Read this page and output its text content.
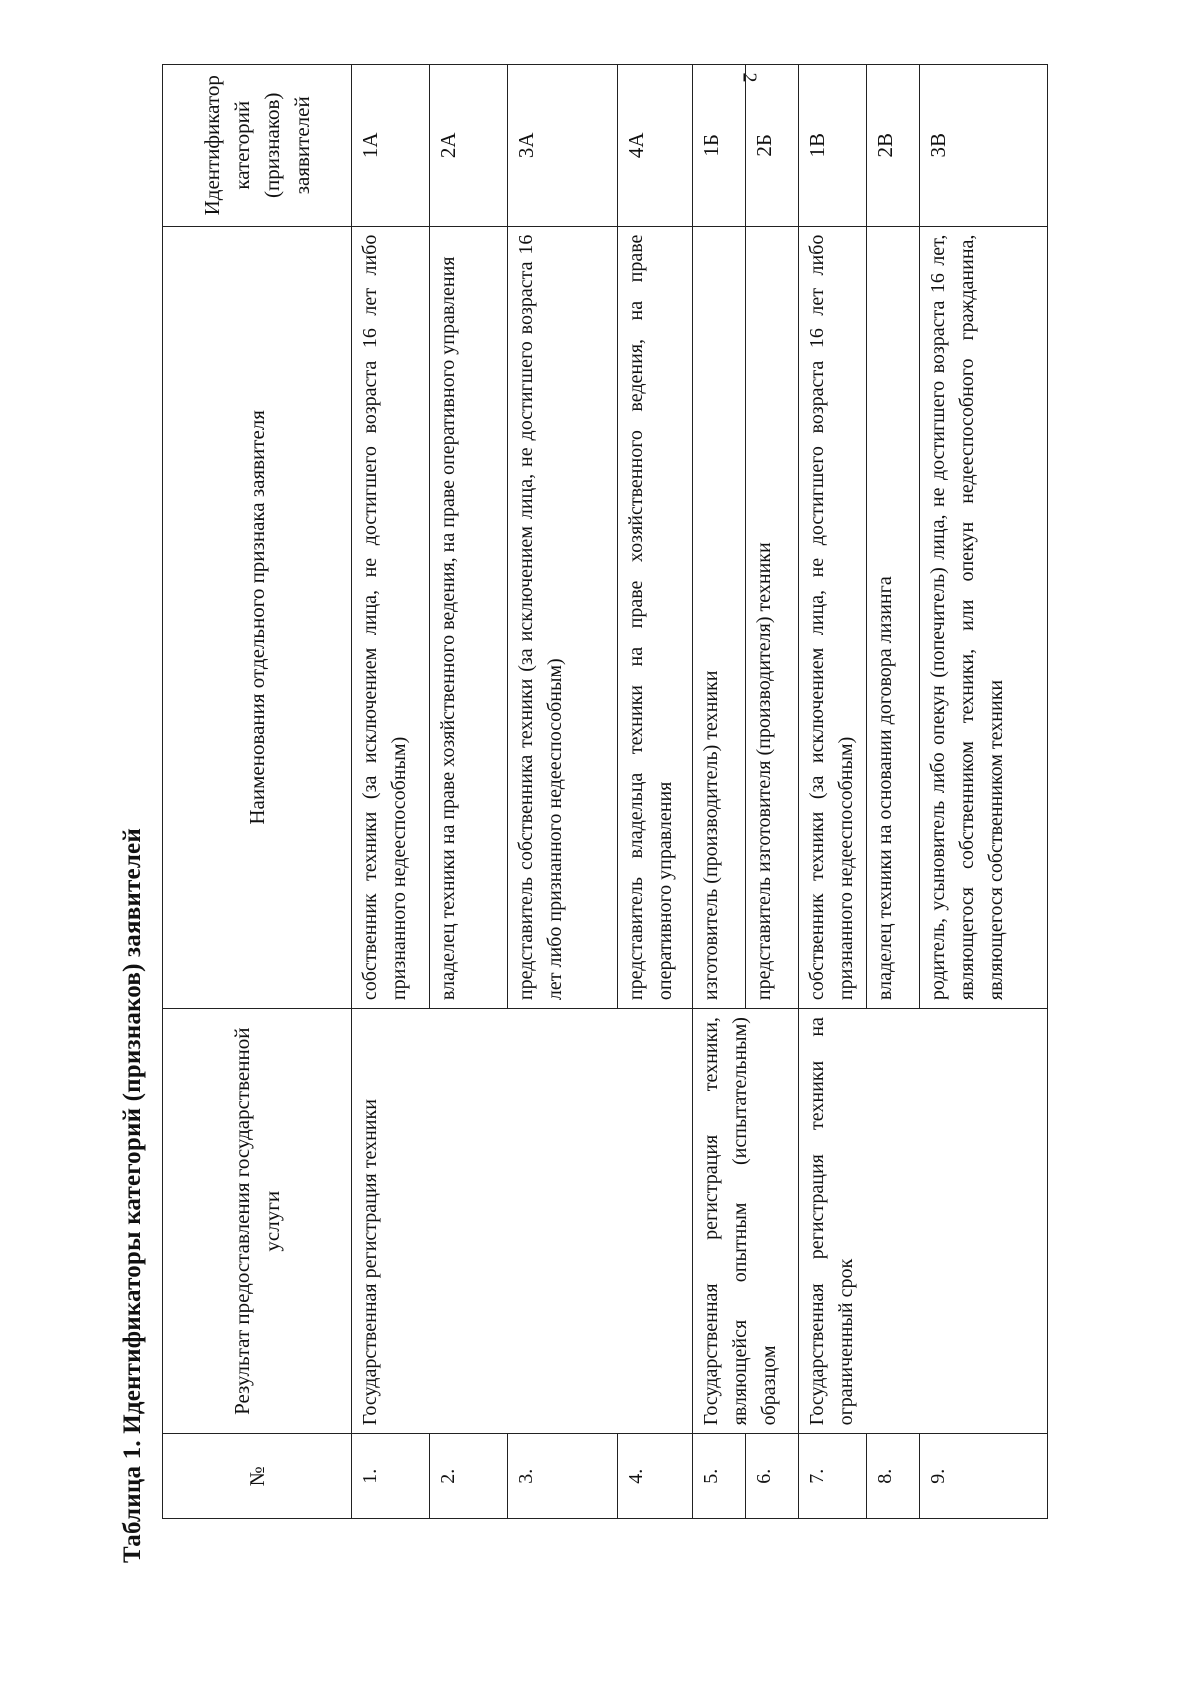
2
Таблица 1. Идентификаторы категорий (признаков) заявителей	№	Результат предоставления государственной услуги	Наименования отдельного признака заявителя	Идентификатор категорий (признаков) заявителей
1.	Государственная регистрация техники	собственник техники (за исключением лица, не достигшего возраста 16 лет либо признанного недееспособным)	1А
2.		владелец техники на праве хозяйственного ведения, на праве оперативного управления	2А
3.		представитель собственника техники (за исключением лица, не достигшего возраста 16 лет либо признанного недееспособным)	3А
4.		представитель владельца техники на праве хозяйственного ведения, на праве оперативного управления	4А
5.	Государственная регистрация техники, являющейся опытным (испытательным) образцом	изготовитель (производитель) техники	1Б
6.		представитель изготовителя (производителя) техники	2Б
7.	Государственная регистрация техники на ограниченный срок	собственник техники (за исключением лица, не достигшего возраста 16 лет либо признанного недееспособным)	1В
8.		владелец техники на основании договора лизинга	2В
9.		родитель, усыновитель либо опекун (попечитель) лица, не достигшего возраста 16 лет, являющегося собственником техники, или опекун недееспособного гражданина, являющегося собственником техники	3В
